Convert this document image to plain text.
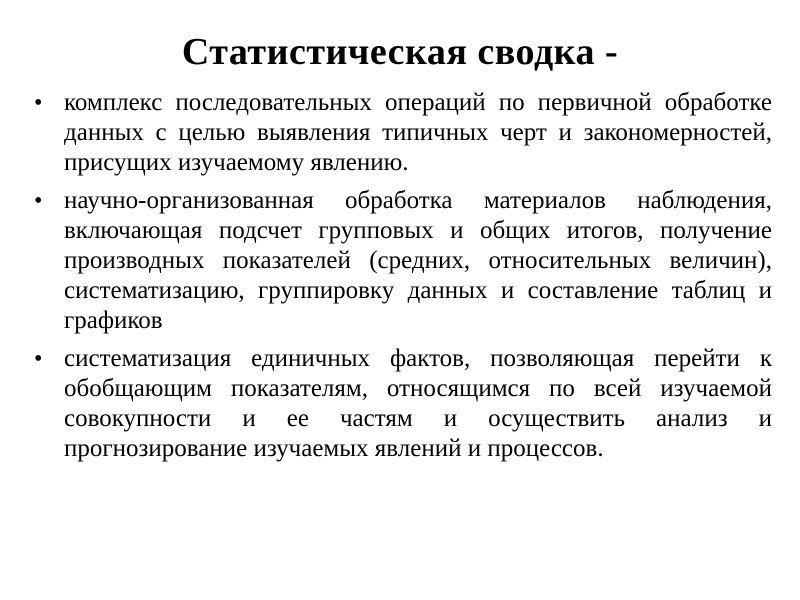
Статистическая сводка -
• комплекс последовательных операций по первичной обработке данных с целью выявления типичных черт и закономерностей, присущих изучаемому явлению.
• научно-организованная обработка материалов наблюдения, включающая подсчет групповых и общих итогов, получение производных показателей (средних, относительных величин), систематизацию, группировку данных и составление таблиц и графиков
• систематизация единичных фактов, позволяющая перейти к обобщающим показателям, относящимся по всей изучаемой совокупности и ее частям и осуществить анализ и прогнозирование изучаемых явлений и процессов.
